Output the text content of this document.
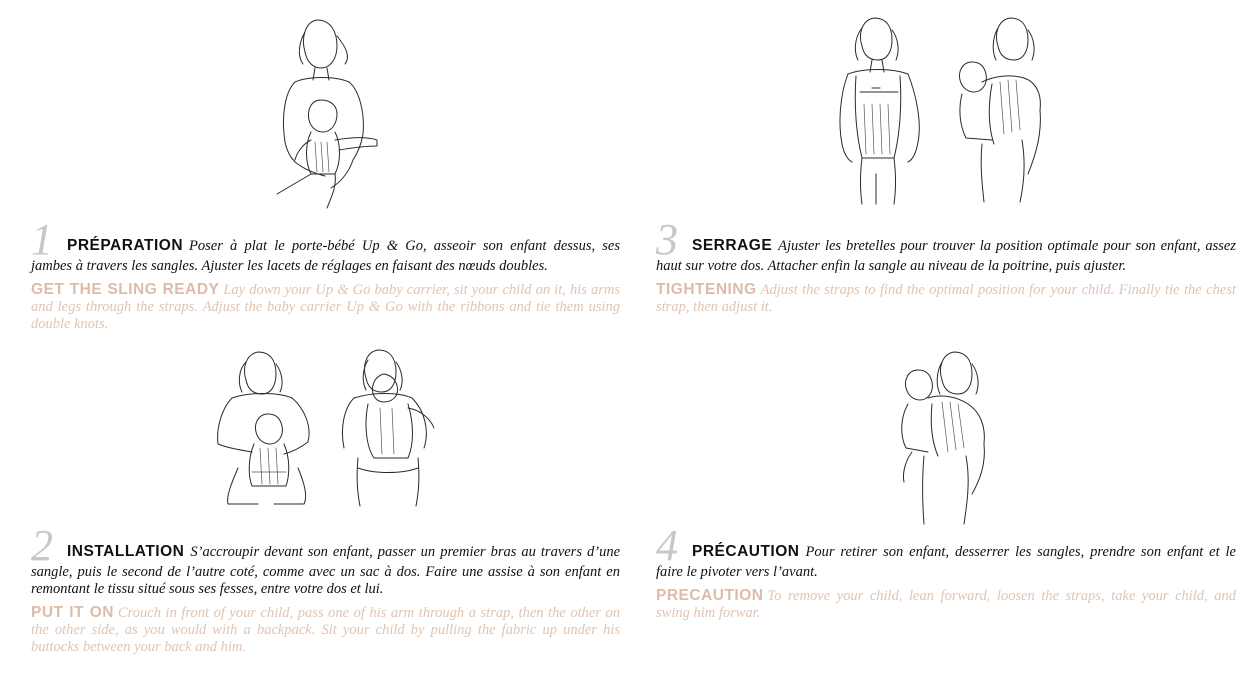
1 PRÉPARATION Poser à plat le porte-bébé Up & Go, asseoir son enfant dessus, ses jambes à travers les sangles. Ajuster les lacets de réglages en faisant des nœuds doubles.

GET THE SLING READY Lay down your Up & Go baby carrier, sit your child on it, his arms and legs through the straps. Adjust the baby carrier Up & Go with the ribbons and tie them using double knots.

2 INSTALLATION S’accroupir devant son enfant, passer un premier bras au travers d’une sangle, puis le second de l’autre coté, comme avec un sac à dos. Faire une assise à son enfant en remontant le tissu situé sous ses fesses, entre votre dos et lui.

PUT IT ON Crouch in front of your child, pass one of his arm through a strap, then the other on the other side, as you would with a backpack. Sit your child by pulling the fabric up under his buttocks between your back and him.

3 SERRAGE Ajuster les bretelles pour trouver la position optimale pour son enfant, assez haut sur votre dos. Attacher enfin la sangle au niveau de la poitrine, puis ajuster.

TIGHTENING Adjust the straps to find the optimal position for your child. Finally tie the chest strap, then adjust it.

4 PRÉCAUTION Pour retirer son enfant, desserrer les sangles, prendre son enfant et le faire le pivoter vers l’avant.

PRECAUTION To remove your child, lean forward, loosen the straps, take your child, and swing him forwar.
